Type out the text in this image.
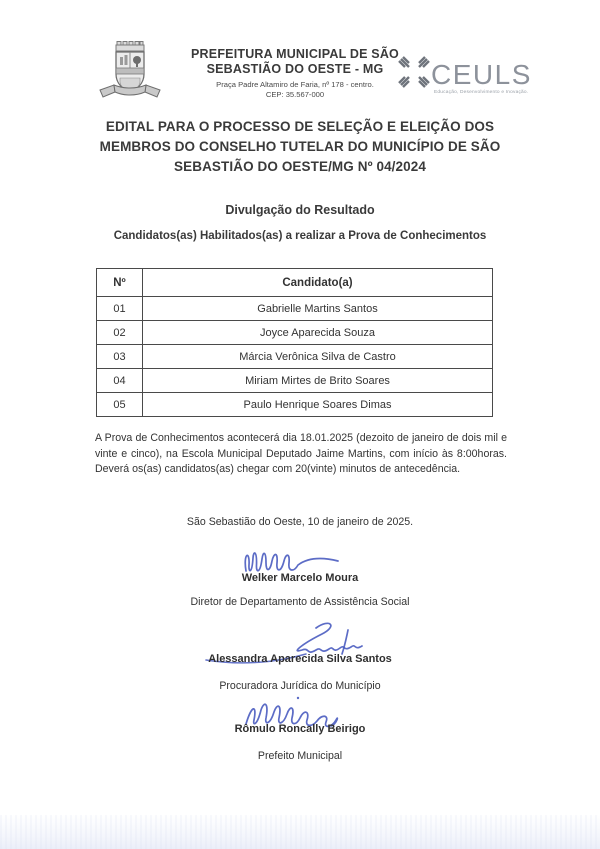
PREFEITURA MUNICIPAL DE SÃO
SEBASTIÃO DO OESTE - MG
Praça Padre Altamiro de Faria, nº 178 - centro.
CEP: 35.567-000
CEULS
Educação, Desenvolvimento e Inovação.
EDITAL PARA O PROCESSO DE SELEÇÃO E ELEIÇÃO DOS
MEMBROS DO CONSELHO TUTELAR DO MUNICÍPIO DE SÃO
SEBASTIÃO DO OESTE/MG Nº 04/2024
Divulgação do Resultado
Candidatos(as) Habilitados(as) a realizar a Prova de Conhecimentos
Nº	Candidato(a)
01	Gabrielle Martins Santos
02	Joyce Aparecida Souza
03	Márcia Verônica Silva de Castro
04	Miriam Mirtes de Brito Soares
05	Paulo Henrique Soares Dimas
A Prova de Conhecimentos acontecerá dia 18.01.2025 (dezoito de janeiro de dois mil e vinte e cinco), na Escola Municipal Deputado Jaime Martins, com início às 8:00horas. Deverá os(as) candidatos(as) chegar com 20(vinte) minutos de antecedência.
São Sebastião do Oeste, 10 de janeiro de 2025.
Welker Marcelo Moura
Diretor de Departamento de Assistência Social
Alessandra Aparecida Silva Santos
Procuradora Jurídica do Município
Rômulo Roncally Beirigo
Prefeito Municipal
